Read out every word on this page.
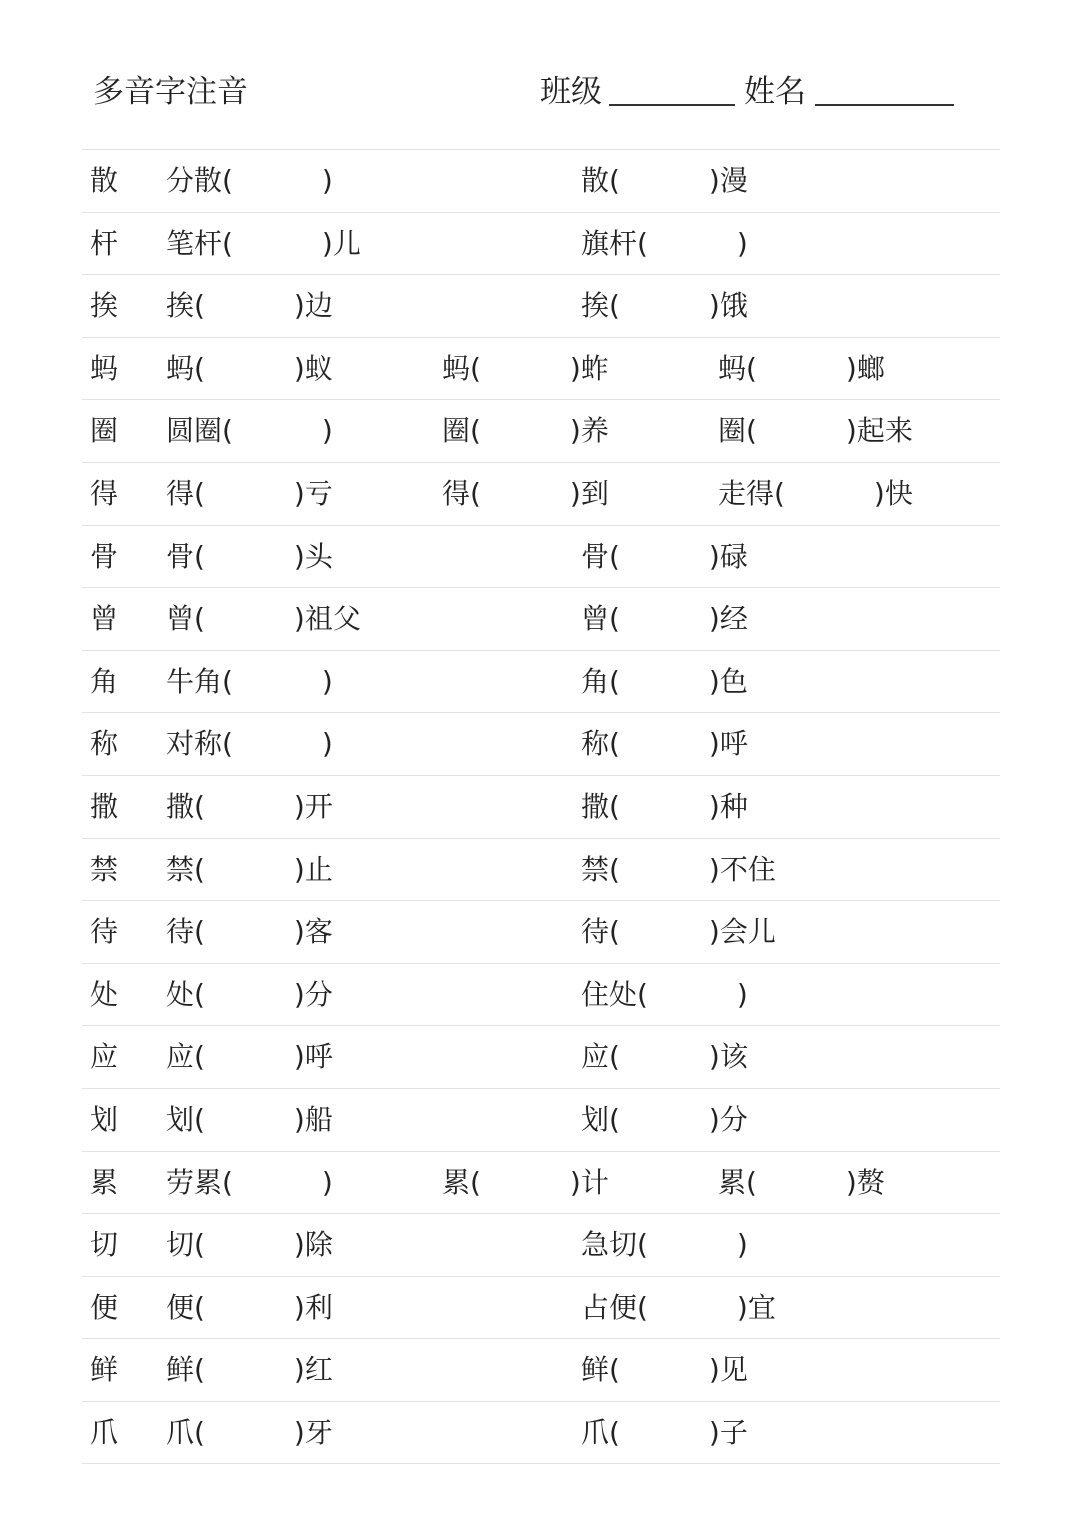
多音字注音	班级	姓名
散 分散(          )	散(          )漫
杆 笔杆(          )儿	旗杆(          )
挨 挨(          )边	挨(          )饿
蚂 蚂(          )蚁	蚂(          )蚱	蚂(          )螂
圈 圆圈(          )	圈(          )养	圈(          )起来
得 得(          )亏	得(          )到	走得(          )快
骨 骨(          )头	骨(          )碌
曾 曾(          )祖父	曾(          )经
角 牛角(          )	角(          )色
称 对称(          )	称(          )呼
撒 撒(          )开	撒(          )种
禁 禁(          )止	禁(          )不住
待 待(          )客	待(          )会儿
处 处(          )分	住处(          )
应 应(          )呼	应(          )该
划 划(          )船	划(          )分
累 劳累(          )	累(          )计	累(          )赘
切 切(          )除	急切(          )
便 便(          )利	占便(          )宜
鲜 鲜(          )红	鲜(          )见
爪 爪(          )牙	爪(          )子
